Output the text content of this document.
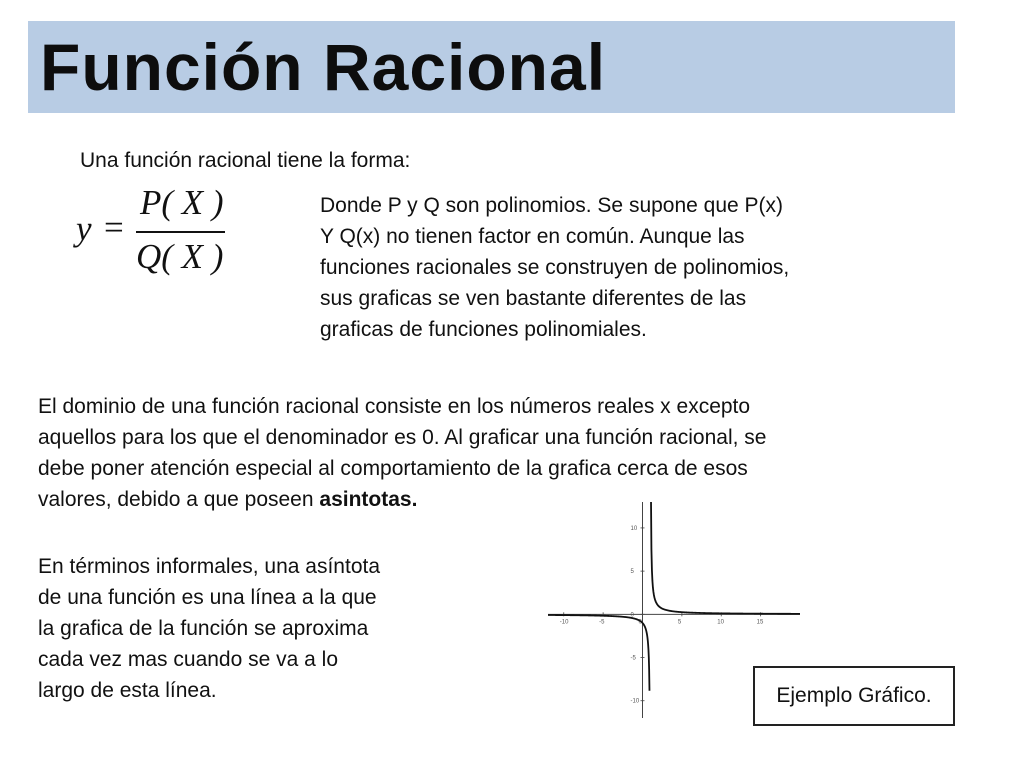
Función Racional
Una función racional tiene la forma:
y =
P( X )
Q( X )
Donde P y Q son polinomios. Se supone que P(x)
Y Q(x) no tienen factor en común. Aunque las
funciones racionales se construyen de polinomios,
sus graficas se ven bastante diferentes de las
graficas de funciones polinomiales.
El dominio de una función racional consiste en los números reales x excepto
aquellos para los que el denominador es 0. Al graficar una función racional, se
debe poner atención especial al comportamiento de la grafica cerca de esos
valores, debido a que poseen asintotas.
En términos informales, una asíntota
de una función es una línea a la que
la grafica de la función se aproxima
cada vez mas cuando se va a lo
largo de esta línea.
-10	-5	0	5	10	15
10
5
0
-5
-10	Ejemplo Gráfico.
